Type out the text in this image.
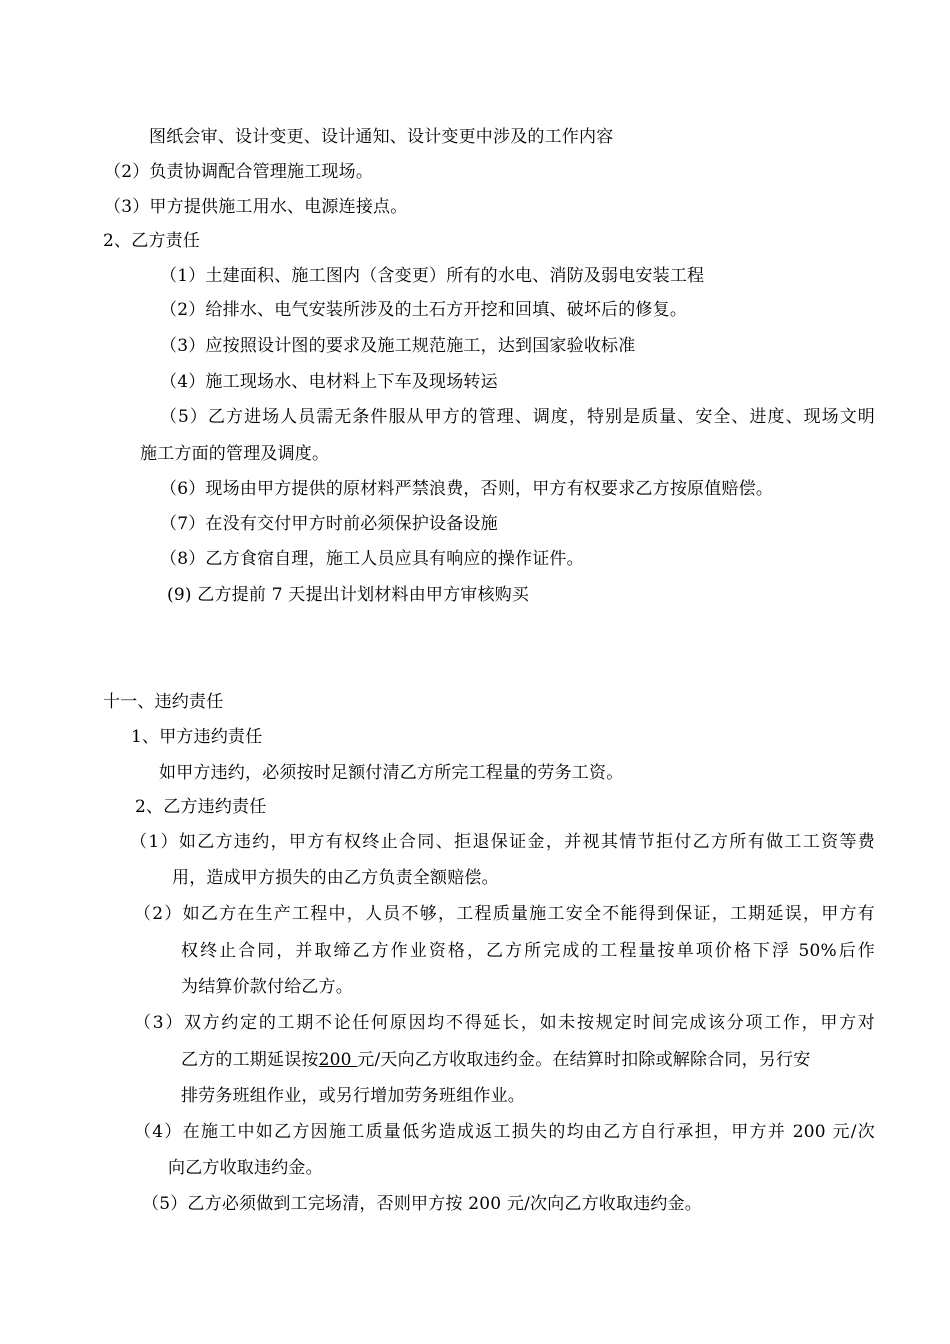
图纸会审、设计变更、设计通知、设计变更中涉及的工作内容
（2）负责协调配合管理施工现场。
（3）甲方提供施工用水、电源连接点。
2、乙方责任
（1）土建面积、施工图内（含变更）所有的水电、消防及弱电安装工程
（2）给排水、电气安装所涉及的土石方开挖和回填、破坏后的修复。
（3）应按照设计图的要求及施工规范施工，达到国家验收标准
（4）施工现场水、电材料上下车及现场转运
（5）乙方进场人员需无条件服从甲方的管理、调度，特别是质量、安全、进度、现场文明
施工方面的管理及调度。
（6）现场由甲方提供的原材料严禁浪费，否则，甲方有权要求乙方按原值赔偿。
（7）在没有交付甲方时前必须保护设备设施
（8）乙方食宿自理，施工人员应具有响应的操作证件。
(9) 乙方提前 7 天提出计划材料由甲方审核购买
十一、违约责任
1、甲方违约责任
如甲方违约，必须按时足额付清乙方所完工程量的劳务工资。
2、乙方违约责任
（1）如乙方违约，甲方有权终止合同、拒退保证金，并视其情节拒付乙方所有做工工资等费
用，造成甲方损失的由乙方负责全额赔偿。
（2）如乙方在生产工程中，人员不够，工程质量施工安全不能得到保证，工期延误，甲方有
权终止合同，并取缔乙方作业资格，乙方所完成的工程量按单项价格下浮 50%后作
为结算价款付给乙方。
（3）双方约定的工期不论任何原因均不得延长，如未按规定时间完成该分项工作，甲方对
乙方的工期延误按200 元/天向乙方收取违约金。在结算时扣除或解除合同，另行安
排劳务班组作业，或另行增加劳务班组作业。
（4）在施工中如乙方因施工质量低劣造成返工损失的均由乙方自行承担，甲方并 200 元/次
向乙方收取违约金。
（5）乙方必须做到工完场清，否则甲方按 200 元/次向乙方收取违约金。
